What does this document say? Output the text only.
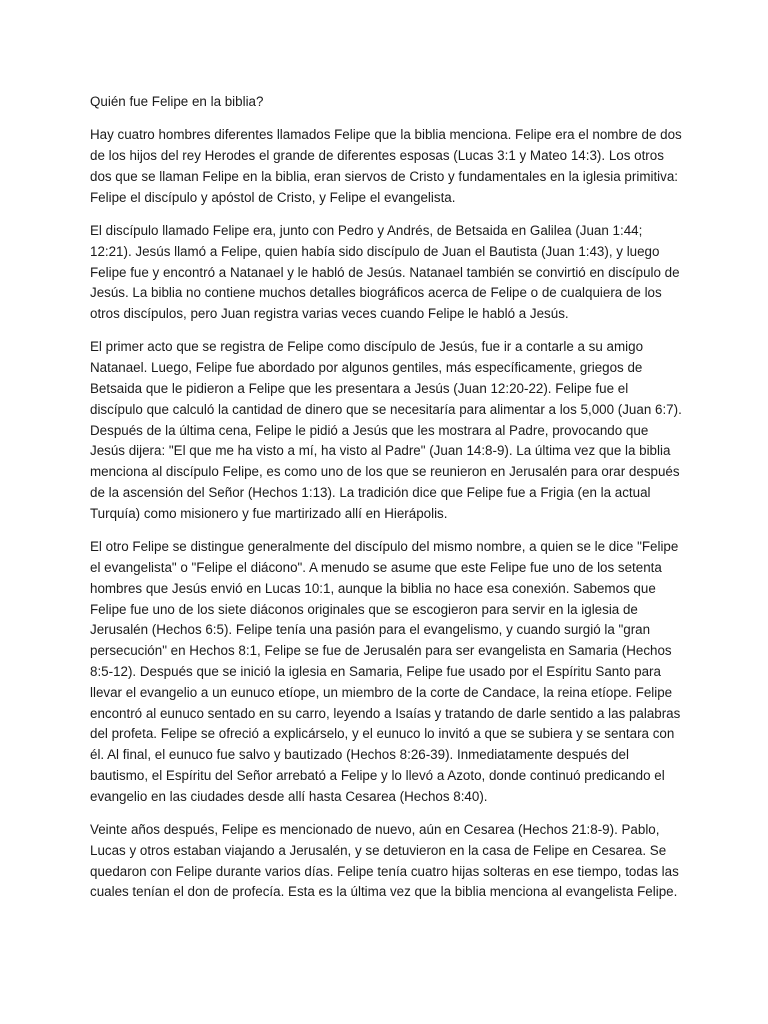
Quién fue Felipe en la biblia?

Hay cuatro hombres diferentes llamados Felipe que la biblia menciona. Felipe era el nombre de dos de los hijos del rey Herodes el grande de diferentes esposas (Lucas 3:1 y Mateo 14:3). Los otros dos que se llaman Felipe en la biblia, eran siervos de Cristo y fundamentales en la iglesia primitiva: Felipe el discípulo y apóstol de Cristo, y Felipe el evangelista.

El discípulo llamado Felipe era, junto con Pedro y Andrés, de Betsaida en Galilea (Juan 1:44; 12:21). Jesús llamó a Felipe, quien había sido discípulo de Juan el Bautista (Juan 1:43), y luego Felipe fue y encontró a Natanael y le habló de Jesús. Natanael también se convirtió en discípulo de Jesús. La biblia no contiene muchos detalles biográficos acerca de Felipe o de cualquiera de los otros discípulos, pero Juan registra varias veces cuando Felipe le habló a Jesús.

El primer acto que se registra de Felipe como discípulo de Jesús, fue ir a contarle a su amigo Natanael. Luego, Felipe fue abordado por algunos gentiles, más específicamente, griegos de Betsaida que le pidieron a Felipe que les presentara a Jesús (Juan 12:20-22). Felipe fue el discípulo que calculó la cantidad de dinero que se necesitaría para alimentar a los 5,000 (Juan 6:7). Después de la última cena, Felipe le pidió a Jesús que les mostrara al Padre, provocando que Jesús dijera: "El que me ha visto a mí, ha visto al Padre" (Juan 14:8-9). La última vez que la biblia menciona al discípulo Felipe, es como uno de los que se reunieron en Jerusalén para orar después de la ascensión del Señor (Hechos 1:13). La tradición dice que Felipe fue a Frigia (en la actual Turquía) como misionero y fue martirizado allí en Hierápolis.

El otro Felipe se distingue generalmente del discípulo del mismo nombre, a quien se le dice "Felipe el evangelista" o "Felipe el diácono". A menudo se asume que este Felipe fue uno de los setenta hombres que Jesús envió en Lucas 10:1, aunque la biblia no hace esa conexión. Sabemos que Felipe fue uno de los siete diáconos originales que se escogieron para servir en la iglesia de Jerusalén (Hechos 6:5). Felipe tenía una pasión para el evangelismo, y cuando surgió la "gran persecución" en Hechos 8:1, Felipe se fue de Jerusalén para ser evangelista en Samaria (Hechos 8:5-12). Después que se inició la iglesia en Samaria, Felipe fue usado por el Espíritu Santo para llevar el evangelio a un eunuco etíope, un miembro de la corte de Candace, la reina etíope. Felipe encontró al eunuco sentado en su carro, leyendo a Isaías y tratando de darle sentido a las palabras del profeta. Felipe se ofreció a explicárselo, y el eunuco lo invitó a que se subiera y se sentara con él. Al final, el eunuco fue salvo y bautizado (Hechos 8:26-39). Inmediatamente después del bautismo, el Espíritu del Señor arrebató a Felipe y lo llevó a Azoto, donde continuó predicando el evangelio en las ciudades desde allí hasta Cesarea (Hechos 8:40).

Veinte años después, Felipe es mencionado de nuevo, aún en Cesarea (Hechos 21:8-9). Pablo, Lucas y otros estaban viajando a Jerusalén, y se detuvieron en la casa de Felipe en Cesarea. Se quedaron con Felipe durante varios días. Felipe tenía cuatro hijas solteras en ese tiempo, todas las cuales tenían el don de profecía. Esta es la última vez que la biblia menciona al evangelista Felipe.
